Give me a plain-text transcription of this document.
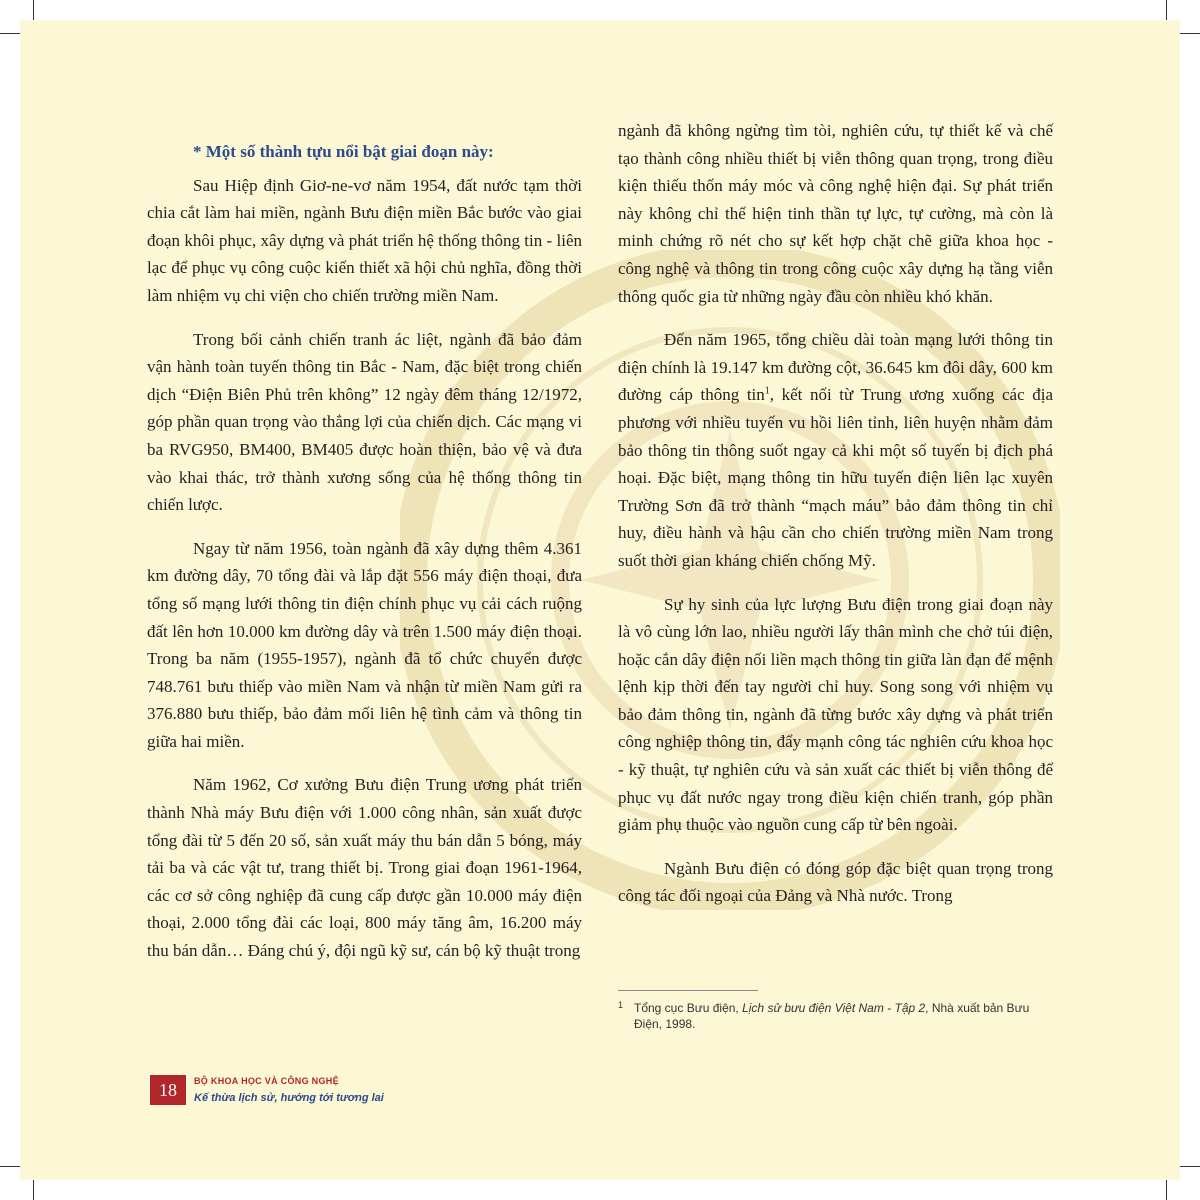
* Một số thành tựu nổi bật giai đoạn này:

Sau Hiệp định Giơ-ne-vơ năm 1954, đất nước tạm thời chia cắt làm hai miền, ngành Bưu điện miền Bắc bước vào giai đoạn khôi phục, xây dựng và phát triển hệ thống thông tin - liên lạc để phục vụ công cuộc kiến thiết xã hội chủ nghĩa, đồng thời làm nhiệm vụ chi viện cho chiến trường miền Nam.

Trong bối cảnh chiến tranh ác liệt, ngành đã bảo đảm vận hành toàn tuyến thông tin Bắc - Nam, đặc biệt trong chiến dịch “Điện Biên Phủ trên không” 12 ngày đêm tháng 12/1972, góp phần quan trọng vào thắng lợi của chiến dịch. Các mạng vi ba RVG950, BM400, BM405 được hoàn thiện, bảo vệ và đưa vào khai thác, trở thành xương sống của hệ thống thông tin chiến lược.

Ngay từ năm 1956, toàn ngành đã xây dựng thêm 4.361 km đường dây, 70 tổng đài và lắp đặt 556 máy điện thoại, đưa tổng số mạng lưới thông tin điện chính phục vụ cải cách ruộng đất lên hơn 10.000 km đường dây và trên 1.500 máy điện thoại. Trong ba năm (1955-1957), ngành đã tổ chức chuyển được 748.761 bưu thiếp vào miền Nam và nhận từ miền Nam gửi ra 376.880 bưu thiếp, bảo đảm mối liên hệ tình cảm và thông tin giữa hai miền.

Năm 1962, Cơ xưởng Bưu điện Trung ương phát triển thành Nhà máy Bưu điện với 1.000 công nhân, sản xuất được tổng đài từ 5 đến 20 số, sản xuất máy thu bán dẫn 5 bóng, máy tải ba và các vật tư, trang thiết bị. Trong giai đoạn 1961-1964, các cơ sở công nghiệp đã cung cấp được gần 10.000 máy điện thoại, 2.000 tổng đài các loại, 800 máy tăng âm, 16.200 máy thu bán dẫn… Đáng chú ý, đội ngũ kỹ sư, cán bộ kỹ thuật trong

ngành đã không ngừng tìm tòi, nghiên cứu, tự thiết kế và chế tạo thành công nhiều thiết bị viễn thông quan trọng, trong điều kiện thiếu thốn máy móc và công nghệ hiện đại. Sự phát triển này không chỉ thể hiện tinh thần tự lực, tự cường, mà còn là minh chứng rõ nét cho sự kết hợp chặt chẽ giữa khoa học - công nghệ và thông tin trong công cuộc xây dựng hạ tầng viễn thông quốc gia từ những ngày đầu còn nhiều khó khăn.

Đến năm 1965, tổng chiều dài toàn mạng lưới thông tin điện chính là 19.147 km đường cột, 36.645 km đôi dây, 600 km đường cáp thông tin$^1$, kết nối từ Trung ương xuống các địa phương với nhiều tuyến vu hồi liên tỉnh, liên huyện nhằm đảm bảo thông tin thông suốt ngay cả khi một số tuyến bị địch phá hoại. Đặc biệt, mạng thông tin hữu tuyến điện liên lạc xuyên Trường Sơn đã trở thành “mạch máu” bảo đảm thông tin chỉ huy, điều hành và hậu cần cho chiến trường miền Nam trong suốt thời gian kháng chiến chống Mỹ.

Sự hy sinh của lực lượng Bưu điện trong giai đoạn này là vô cùng lớn lao, nhiều người lấy thân mình che chở túi điện, hoặc cắn dây điện nối liền mạch thông tin giữa làn đạn để mệnh lệnh kịp thời đến tay người chỉ huy. Song song với nhiệm vụ bảo đảm thông tin, ngành đã từng bước xây dựng và phát triển công nghiệp thông tin, đẩy mạnh công tác nghiên cứu khoa học - kỹ thuật, tự nghiên cứu và sản xuất các thiết bị viễn thông để phục vụ đất nước ngay trong điều kiện chiến tranh, góp phần giảm phụ thuộc vào nguồn cung cấp từ bên ngoài.

Ngành Bưu điện có đóng góp đặc biệt quan trọng trong công tác đối ngoại của Đảng và Nhà nước. Trong

1 Tổng cục Bưu điện, Lịch sử bưu điện Việt Nam - Tập 2, Nhà xuất bản Bưu Điện, 1998.
18	BỘ KHOA HỌC VÀ CÔNG NGHỆ
Kế thừa lịch sử, hướng tới tương lai
